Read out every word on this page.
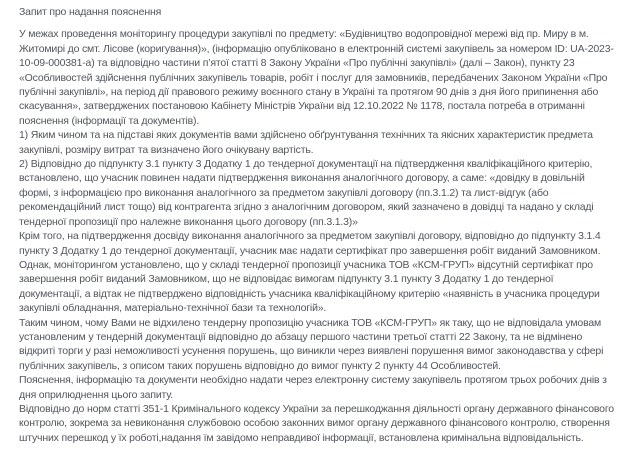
Запит про надання пояснення

У межах проведення моніторингу процедури закупівлі по предмету: «Будівництво водопровідної мережі від пр. Миру в м. Житомирі до смт. Лісове (коригування)», (інформацію опубліковано в електронній системі закупівель за номером ID: UA-2023-10-09-000381-а) та відповідно частини п’ятої статті 8 Закону України «Про публічні закупівлі» (далі – Закон), пункту 23 «Особливостей здійснення публічних закупівель товарів, робіт і послуг для замовників, передбачених Законом України «Про публічні закупівлі», на період дії правового режиму воєнного стану в Україні та протягом 90 днів з дня його припинення або скасування», затверджених постановою Кабінету Міністрів України від 12.10.2022 № 1178, постала потреба в отриманні пояснення (інформації та документів).

1) Яким чином та на підставі яких документів вами здійснено обґрунтування технічних та якісних характеристик предмета закупівлі, розміру витрат та визначено його очікувану вартість.

2) Відповідно до підпункту 3.1 пункту 3 Додатку 1 до тендерної документації на підтвердження кваліфікаційного критерію, встановлено, що учасник повинен надати підтвердження виконання аналогічного договору, а саме: «довідку в довільній формі, з інформацією про виконання аналогічного за предметом закупівлі договору (пп.3.1.2) та лист-відгук (або рекомендаційний лист тощо) від контрагента згідно з аналогічним договором, який зазначено в довідці та надано у складі тендерної пропозиції про належне виконання цього договору (пп.3.1.3)»

Крім того, на підтвердження досвіду виконання аналогічного за предметом закупівлі договору, відповідно до підпункту 3.1.4 пункту 3 Додатку 1 до тендерної документації, учасник має надати сертифікат про завершення робіт виданий Замовником.

Однак, моніторингом установлено, що у складі тендерної пропозиції учасника ТОВ «КСМ-ГРУП» відсутній сертифікат про завершення робіт виданий Замовником, що не відповідає вимогам підпункту 3.1 пункту 3 Додатку 1 до тендерної документації, а відтак не підтверджено відповідність учасника кваліфікаційному критерію «наявність в учасника процедури закупівлі обладнання, матеріально-технічної бази та технологій».

Таким чином, чому Вами не відхилено тендерну пропозицію учасника ТОВ «КСМ-ГРУП» як таку, що не відповідала умовам установленим у тендерній документації відповідно до абзацу першого частини третьої статті 22 Закону, та не відмінено відкриті торги у разі неможливості усунення порушень, що виникли через виявлені порушення вимог законодавства у сфері публічних закупівель, з описом таких порушень відповідно до вимог пункту 2 пункту 44 Особливостей.

Пояснення, інформацію та документи необхідно надати через електронну систему закупівель протягом трьох робочих днів з дня оприлюднення цього запиту.

Відповідно до норм статті 351-1 Кримінального кодексу України за перешкоджання діяльності органу державного фінансового контролю, зокрема за невиконання службовою особою законних вимог органу державного фінансового контролю, створення штучних перешкод у їх роботі,надання їм завідомо неправдивої інформації, встановлена кримінальна відповідальність.
